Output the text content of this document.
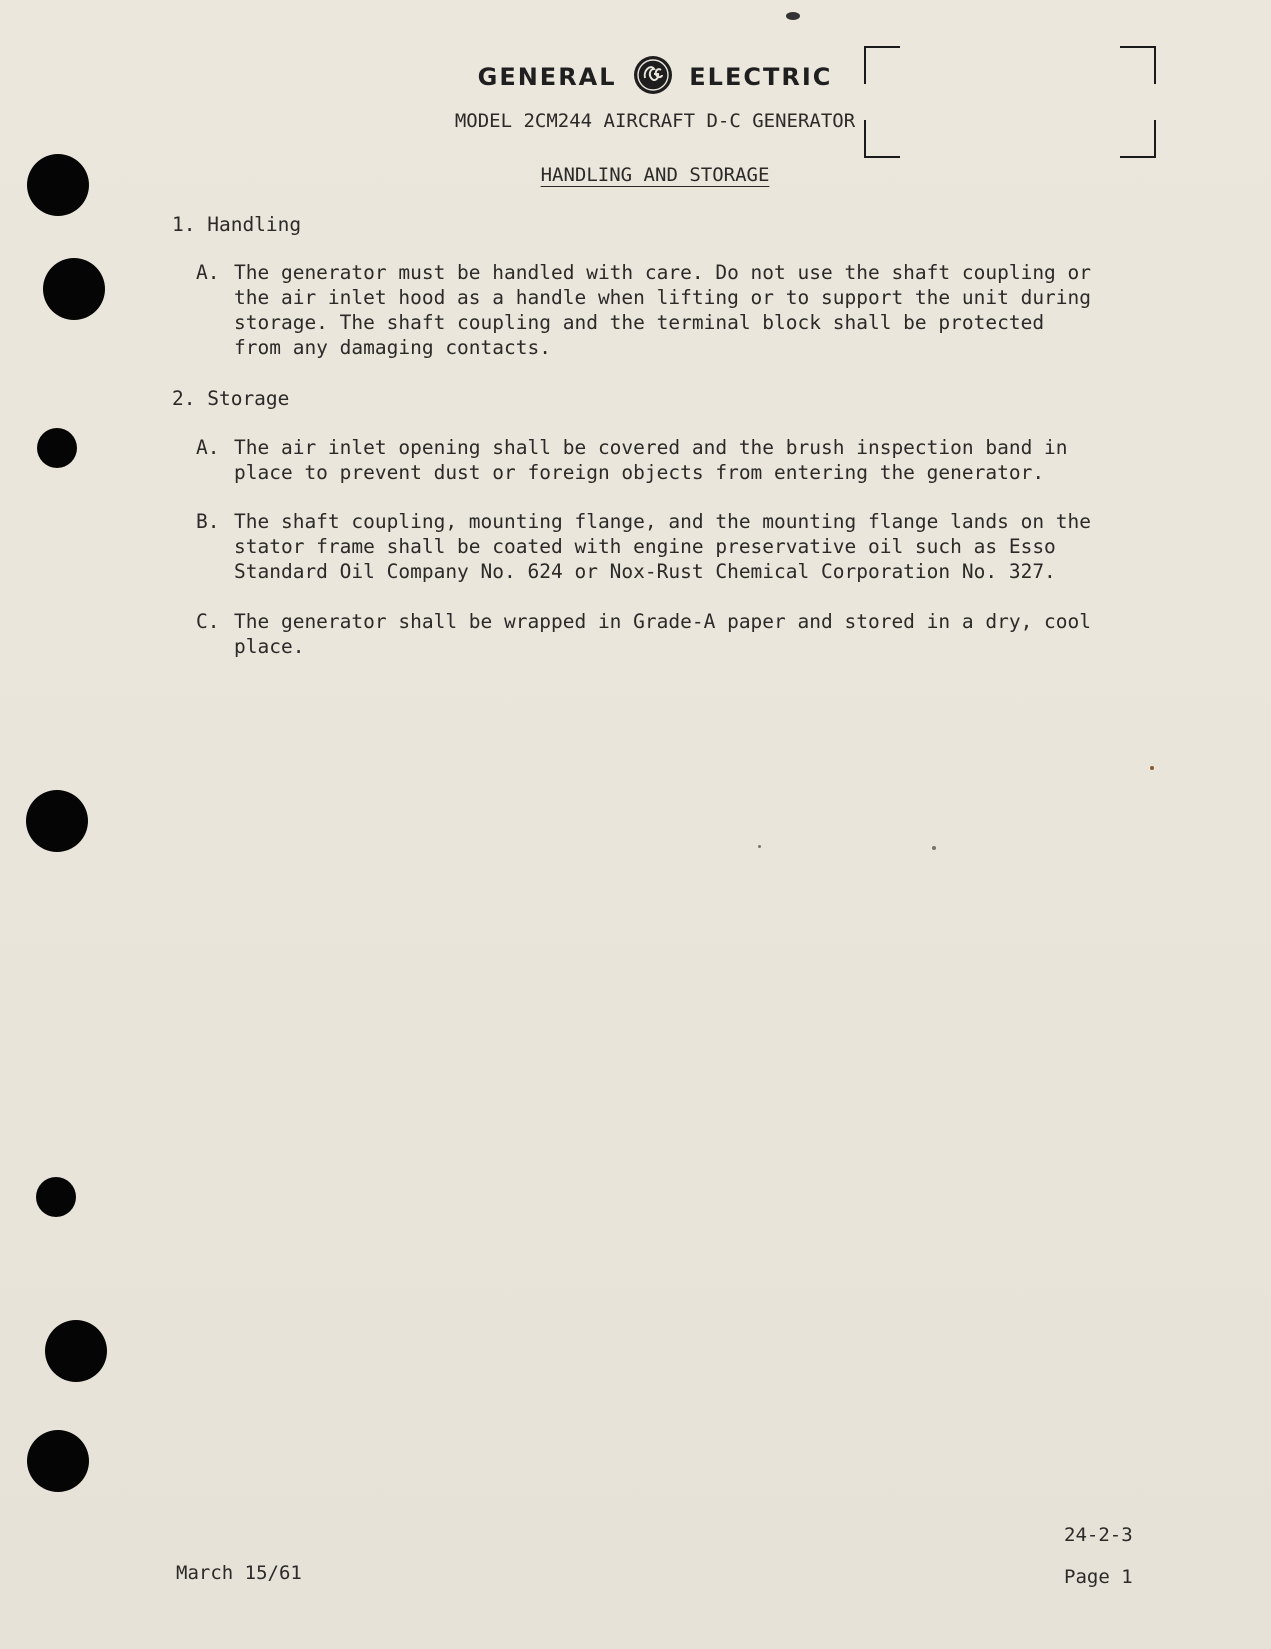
GENERAL	ELECTRIC
MODEL 2CM244 AIRCRAFT D-C GENERATOR
HANDLING AND STORAGE
1. Handling
A. The generator must be handled with care. Do not use the shaft coupling or
the air inlet hood as a handle when lifting or to support the unit during
storage. The shaft coupling and the terminal block shall be protected
from any damaging contacts.
2. Storage
A. The air inlet opening shall be covered and the brush inspection band in
place to prevent dust or foreign objects from entering the generator.
B. The shaft coupling, mounting flange, and the mounting flange lands on the
stator frame shall be coated with engine preservative oil such as Esso
Standard Oil Company No. 624 or Nox-Rust Chemical Corporation No. 327.
C. The generator shall be wrapped in Grade-A paper and stored in a dry, cool
place.
March 15/61
24-2-3
Page 1
